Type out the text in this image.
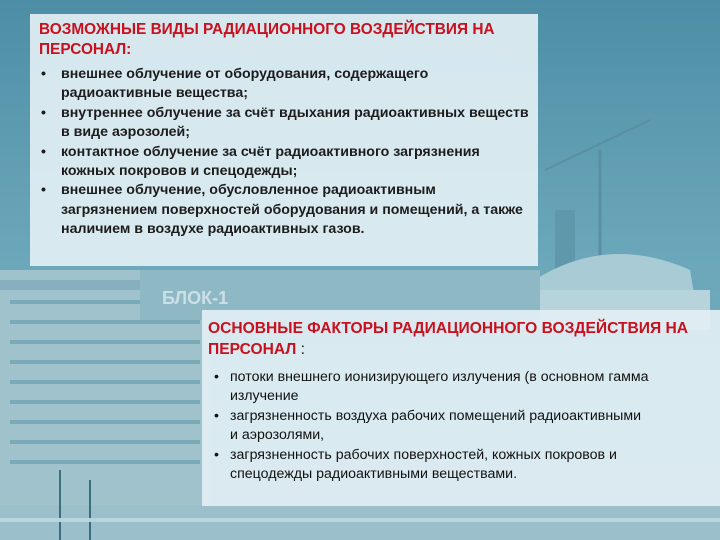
БЛОК-1

ВОЗМОЖНЫЕ ВИДЫ РАДИАЦИОННОГО ВОЗДЕЙСТВИЯ НА ПЕРСОНАЛ:

• внешнее облучение от оборудования, содержащего радиоактивные вещества;
• внутреннее облучение за счёт вдыхания радиоактивных веществ в виде аэрозолей;
• контактное облучение за счёт радиоактивного загрязнения кожных покровов и спецодежды;
• внешнее облучение, обусловленное радиоактивным загрязнением поверхностей оборудования и помещений, а также наличием в воздухе радиоактивных газов.

ОСНОВНЫЕ ФАКТОРЫ РАДИАЦИОННОГО ВОЗДЕЙСТВИЯ НА
ПЕРСОНАЛ :

• потоки внешнего ионизирующего излучения (в основном гамма
излучение
• загрязненность воздуха рабочих помещений радиоактивными
и аэрозолями,
• загрязненность рабочих поверхностей, кожных покровов и
спецодежды радиоактивными веществами.
